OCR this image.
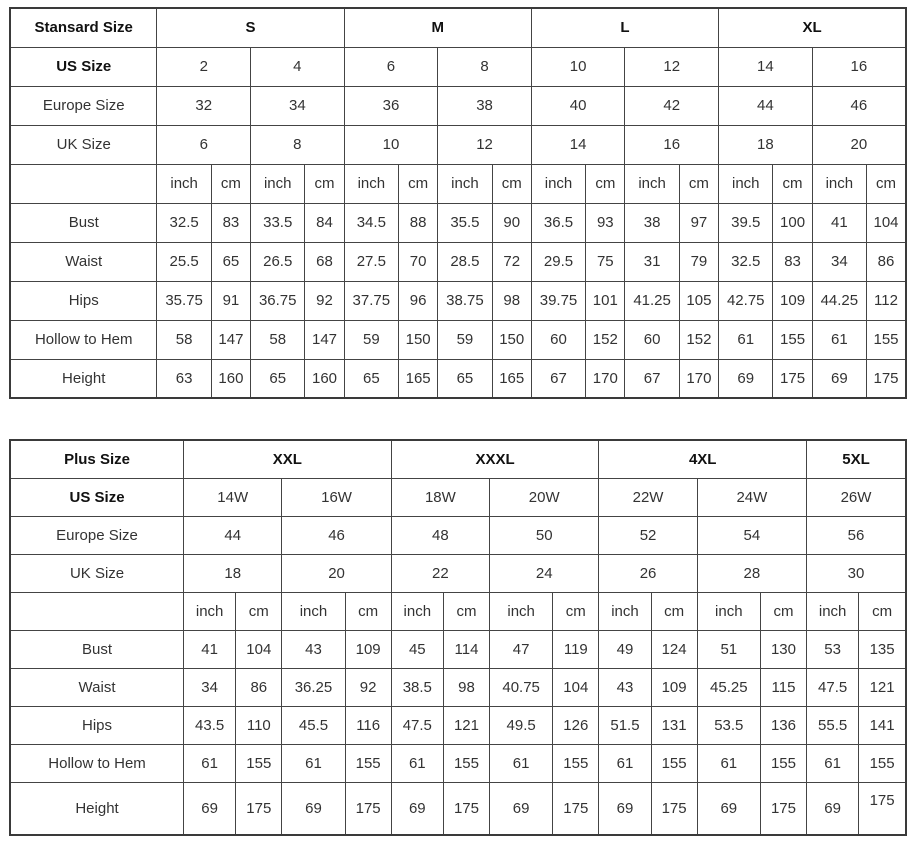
Stansard Size	S				M				L				XL			
US Size	2		4		6		8		10		12		14		16	
Europe Size	32		34		36		38		40		42		44		46	
UK Size	6		8		10		12		14		16		18		20	
	inch	cm	inch	cm	inch	cm	inch	cm	inch	cm	inch	cm	inch	cm	inch	cm
Bust	32.5	83	33.5	84	34.5	88	35.5	90	36.5	93	38	97	39.5	100	41	104
Waist	25.5	65	26.5	68	27.5	70	28.5	72	29.5	75	31	79	32.5	83	34	86
Hips	35.75	91	36.75	92	37.75	96	38.75	98	39.75	101	41.25	105	42.75	109	44.25	112
Hollow to Hem	58	147	58	147	59	150	59	150	60	152	60	152	61	155	61	155
Height	63	160	65	160	65	165	65	165	67	170	67	170	69	175	69	175
Plus Size	XXL				XXXL				4XL				5XL	
US Size	14W		16W		18W		20W		22W		24W		26W	
Europe Size	44		46		48		50		52		54		56	
UK Size	18		20		22		24		26		28		30	
	inch	cm	inch	cm	inch	cm	inch	cm	inch	cm	inch	cm	inch	cm
Bust	41	104	43	109	45	114	47	119	49	124	51	130	53	135
Waist	34	86	36.25	92	38.5	98	40.75	104	43	109	45.25	115	47.5	121
Hips	43.5	110	45.5	116	47.5	121	49.5	126	51.5	131	53.5	136	55.5	141
Hollow to Hem	61	155	61	155	61	155	61	155	61	155	61	155	61	155
Height	69	175	69	175	69	175	69	175	69	175	69	175	69	175
